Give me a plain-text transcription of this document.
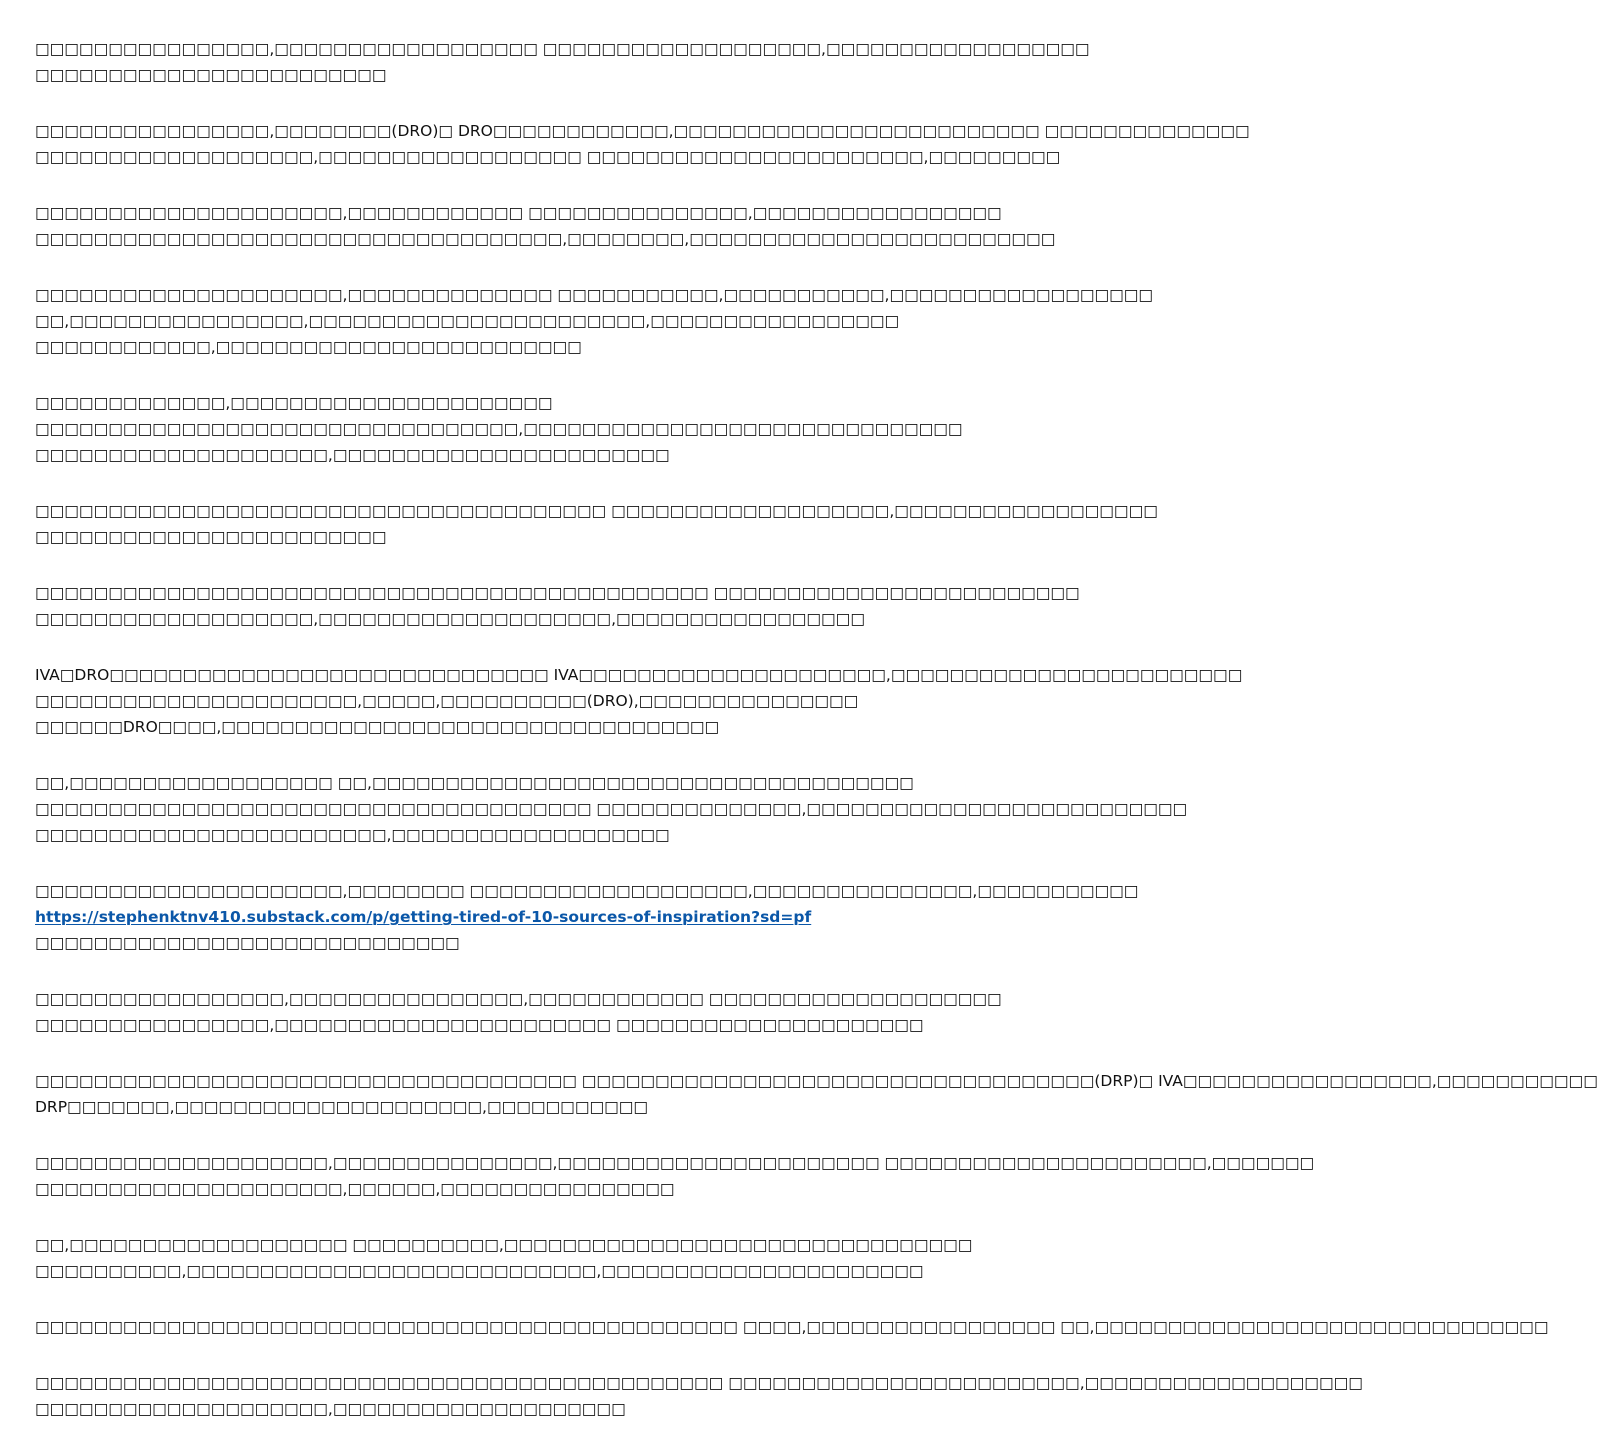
□□□□□□□□□□□□□□□□,□□□□□□□□□□□□□□□□□□ □□□□□□□□□□□□□□□□□□□,□□□□□□□□□□□□□□□□□□
□□□□□□□□□□□□□□□□□□□□□□□□
□□□□□□□□□□□□□□□□,□□□□□□□□(DRO)□ DRO□□□□□□□□□□□□,□□□□□□□□□□□□□□□□□□□□□□□□□ □□□□□□□□□□□□□□
□□□□□□□□□□□□□□□□□□□,□□□□□□□□□□□□□□□□□□ □□□□□□□□□□□□□□□□□□□□□□□,□□□□□□□□□
□□□□□□□□□□□□□□□□□□□□□,□□□□□□□□□□□□ □□□□□□□□□□□□□□□,□□□□□□□□□□□□□□□□□
□□□□□□□□□□□□□□□□□□□□□□□□□□□□□□□□□□□□,□□□□□□□□,□□□□□□□□□□□□□□□□□□□□□□□□□
□□□□□□□□□□□□□□□□□□□□□,□□□□□□□□□□□□□□ □□□□□□□□□□□,□□□□□□□□□□□,□□□□□□□□□□□□□□□□□□
□□,□□□□□□□□□□□□□□□□,□□□□□□□□□□□□□□□□□□□□□□□,□□□□□□□□□□□□□□□□□
□□□□□□□□□□□□,□□□□□□□□□□□□□□□□□□□□□□□□□
□□□□□□□□□□□□□,□□□□□□□□□□□□□□□□□□□□□□
□□□□□□□□□□□□□□□□□□□□□□□□□□□□□□□□□,□□□□□□□□□□□□□□□□□□□□□□□□□□□□□□
□□□□□□□□□□□□□□□□□□□□,□□□□□□□□□□□□□□□□□□□□□□□
□□□□□□□□□□□□□□□□□□□□□□□□□□□□□□□□□□□□□□□ □□□□□□□□□□□□□□□□□□□,□□□□□□□□□□□□□□□□□□
□□□□□□□□□□□□□□□□□□□□□□□□
□□□□□□□□□□□□□□□□□□□□□□□□□□□□□□□□□□□□□□□□□□□□□□ □□□□□□□□□□□□□□□□□□□□□□□□□
□□□□□□□□□□□□□□□□□□□,□□□□□□□□□□□□□□□□□□□□,□□□□□□□□□□□□□□□□□
IVA□DRO□□□□□□□□□□□□□□□□□□□□□□□□□□□□□□ IVA□□□□□□□□□□□□□□□□□□□□□,□□□□□□□□□□□□□□□□□□□□□□□□
□□□□□□□□□□□□□□□□□□□□□□,□□□□□,□□□□□□□□□□(DRO),□□□□□□□□□□□□□□□
□□□□□□DRO□□□□,□□□□□□□□□□□□□□□□□□□□□□□□□□□□□□□□□□
□□,□□□□□□□□□□□□□□□□□□ □□,□□□□□□□□□□□□□□□□□□□□□□□□□□□□□□□□□□□□□
□□□□□□□□□□□□□□□□□□□□□□□□□□□□□□□□□□□□□□ □□□□□□□□□□□□□□,□□□□□□□□□□□□□□□□□□□□□□□□□□
□□□□□□□□□□□□□□□□□□□□□□□□,□□□□□□□□□□□□□□□□□□□
□□□□□□□□□□□□□□□□□□□□□,□□□□□□□□ □□□□□□□□□□□□□□□□□□□,□□□□□□□□□□□□□□□,□□□□□□□□□□□
https://stephenktnv410.substack.com/p/getting-tired-of-10-sources-of-inspiration?sd=pf
□□□□□□□□□□□□□□□□□□□□□□□□□□□□□
□□□□□□□□□□□□□□□□□,□□□□□□□□□□□□□□□□,□□□□□□□□□□□□ □□□□□□□□□□□□□□□□□□□□
□□□□□□□□□□□□□□□□,□□□□□□□□□□□□□□□□□□□□□□□ □□□□□□□□□□□□□□□□□□□□□
□□□□□□□□□□□□□□□□□□□□□□□□□□□□□□□□□□□□□ □□□□□□□□□□□□□□□□□□□□□□□□□□□□□□□□□□□(DRP)□ IVA□□□□□□□□□□□□□□□□□,□□□□□□□□□□□
DRP□□□□□□□,□□□□□□□□□□□□□□□□□□□□□,□□□□□□□□□□□
□□□□□□□□□□□□□□□□□□□□,□□□□□□□□□□□□□□□,□□□□□□□□□□□□□□□□□□□□□□ □□□□□□□□□□□□□□□□□□□□□□,□□□□□□□
□□□□□□□□□□□□□□□□□□□□□,□□□□□□,□□□□□□□□□□□□□□□□
□□,□□□□□□□□□□□□□□□□□□□ □□□□□□□□□□,□□□□□□□□□□□□□□□□□□□□□□□□□□□□□□□□
□□□□□□□□□□,□□□□□□□□□□□□□□□□□□□□□□□□□□□□,□□□□□□□□□□□□□□□□□□□□□□
□□□□□□□□□□□□□□□□□□□□□□□□□□□□□□□□□□□□□□□□□□□□□□□□ □□□□,□□□□□□□□□□□□□□□□□ □□,□□□□□□□□□□□□□□□□□□□□□□□□□□□□□□□
□□□□□□□□□□□□□□□□□□□□□□□□□□□□□□□□□□□□□□□□□□□□□□□ □□□□□□□□□□□□□□□□□□□□□□□□,□□□□□□□□□□□□□□□□□□□
□□□□□□□□□□□□□□□□□□□□,□□□□□□□□□□□□□□□□□□□□
